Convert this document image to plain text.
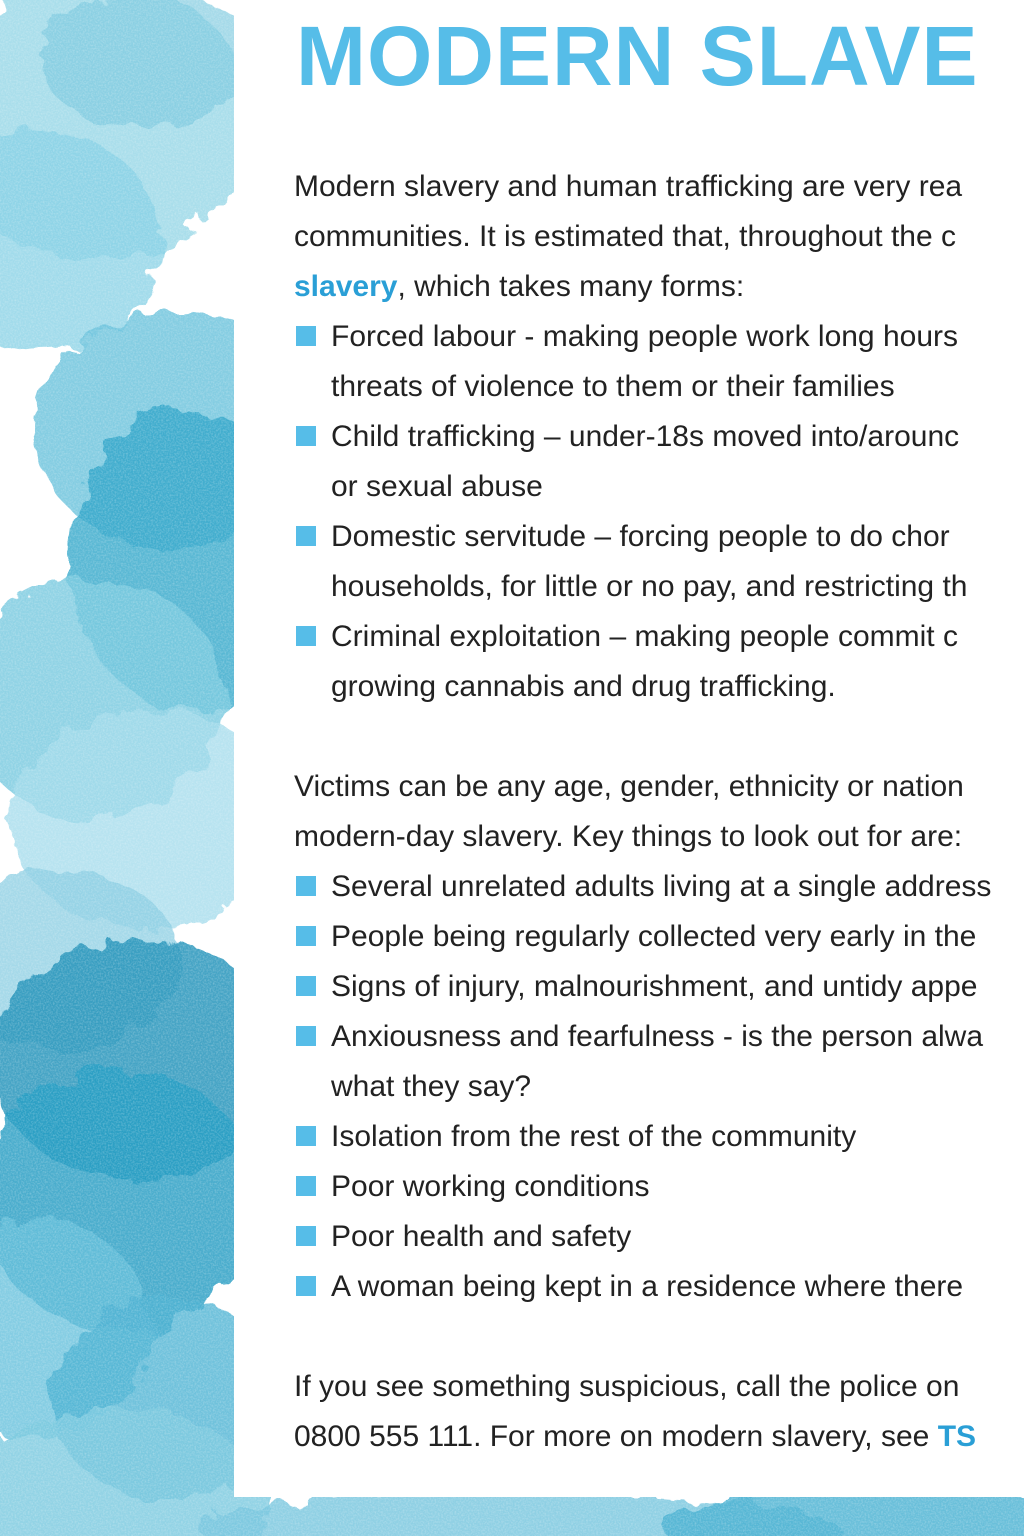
MODERN SLAVE

Modern slavery and human trafficking are very rea
communities. It is estimated that, throughout the c
slavery, which takes many forms:

Forced labour - making people work long hours
threats of violence to them or their families
Child trafficking – under-18s moved into/arounc
or sexual abuse
Domestic servitude – forcing people to do chor
households, for little or no pay, and restricting th
Criminal exploitation – making people commit c
growing cannabis and drug trafficking.

Victims can be any age, gender, ethnicity or nation
modern-day slavery. Key things to look out for are:

Several unrelated adults living at a single address
People being regularly collected very early in the
Signs of injury, malnourishment, and untidy appe
Anxiousness and fearfulness - is the person alwa
what they say?
Isolation from the rest of the community
Poor working conditions
Poor health and safety
A woman being kept in a residence where there

If you see something suspicious, call the police on
0800 555 111. For more on modern slavery, see TS
